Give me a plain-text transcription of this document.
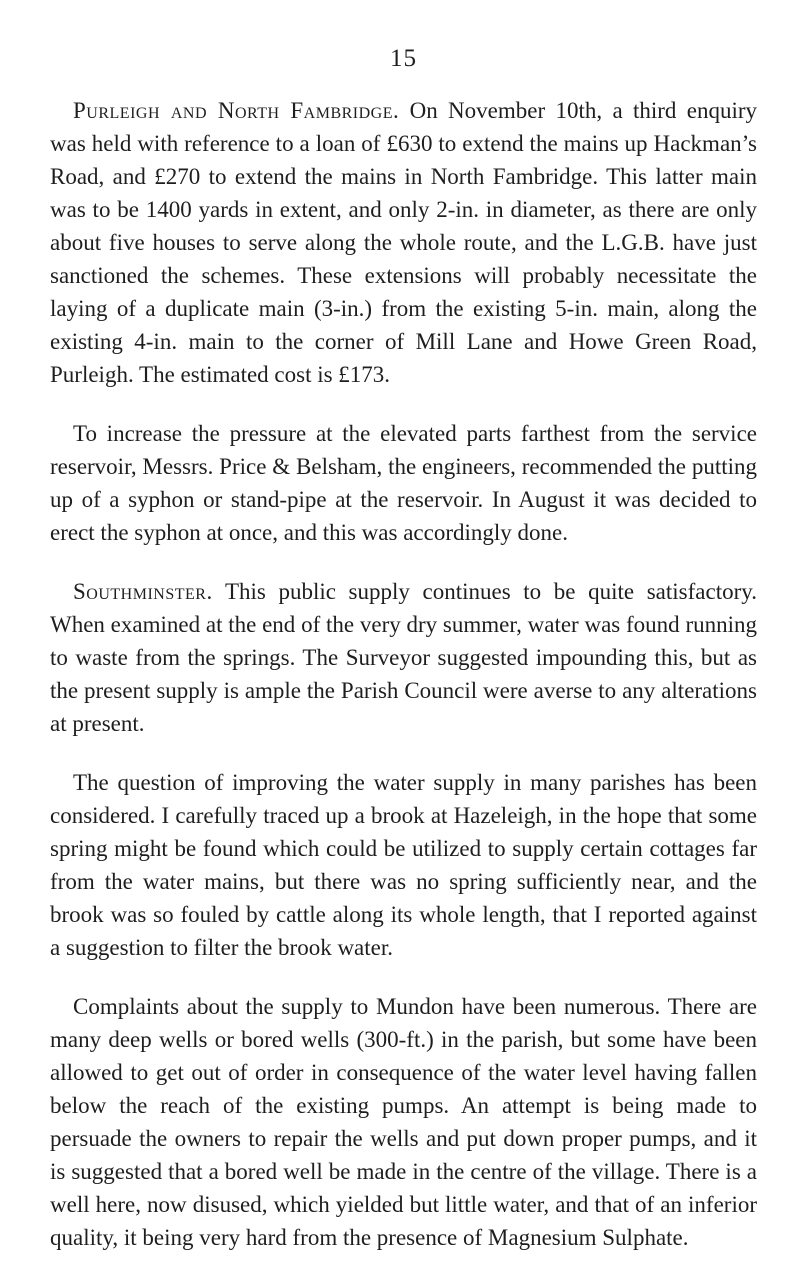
15

Purleigh and North Fambridge. On November 10th, a third enquiry was held with reference to a loan of £630 to extend the mains up Hackman’s Road, and £270 to extend the mains in North Fambridge. This latter main was to be 1400 yards in extent, and only 2-in. in diameter, as there are only about five houses to serve along the whole route, and the L.G.B. have just sanctioned the schemes. These extensions will probably necessitate the laying of a duplicate main (3-in.) from the existing 5-in. main, along the existing 4-in. main to the corner of Mill Lane and Howe Green Road, Purleigh. The estimated cost is £173.

To increase the pressure at the elevated parts farthest from the service reservoir, Messrs. Price & Belsham, the engineers, recommended the putting up of a syphon or stand-pipe at the reservoir. In August it was decided to erect the syphon at once, and this was accordingly done.

Southminster. This public supply continues to be quite satisfactory. When examined at the end of the very dry summer, water was found running to waste from the springs. The Surveyor suggested impounding this, but as the present supply is ample the Parish Council were averse to any alterations at present.

The question of improving the water supply in many parishes has been considered. I carefully traced up a brook at Hazeleigh, in the hope that some spring might be found which could be utilized to supply certain cottages far from the water mains, but there was no spring sufficiently near, and the brook was so fouled by cattle along its whole length, that I reported against a suggestion to filter the brook water.

Complaints about the supply to Mundon have been numerous. There are many deep wells or bored wells (300-ft.) in the parish, but some have been allowed to get out of order in consequence of the water level having fallen below the reach of the existing pumps. An attempt is being made to persuade the owners to repair the wells and put down proper pumps, and it is suggested that a bored well be made in the centre of the village. There is a well here, now disused, which yielded but little water, and that of an inferior quality, it being very hard from the presence of Magnesium Sulphate.
